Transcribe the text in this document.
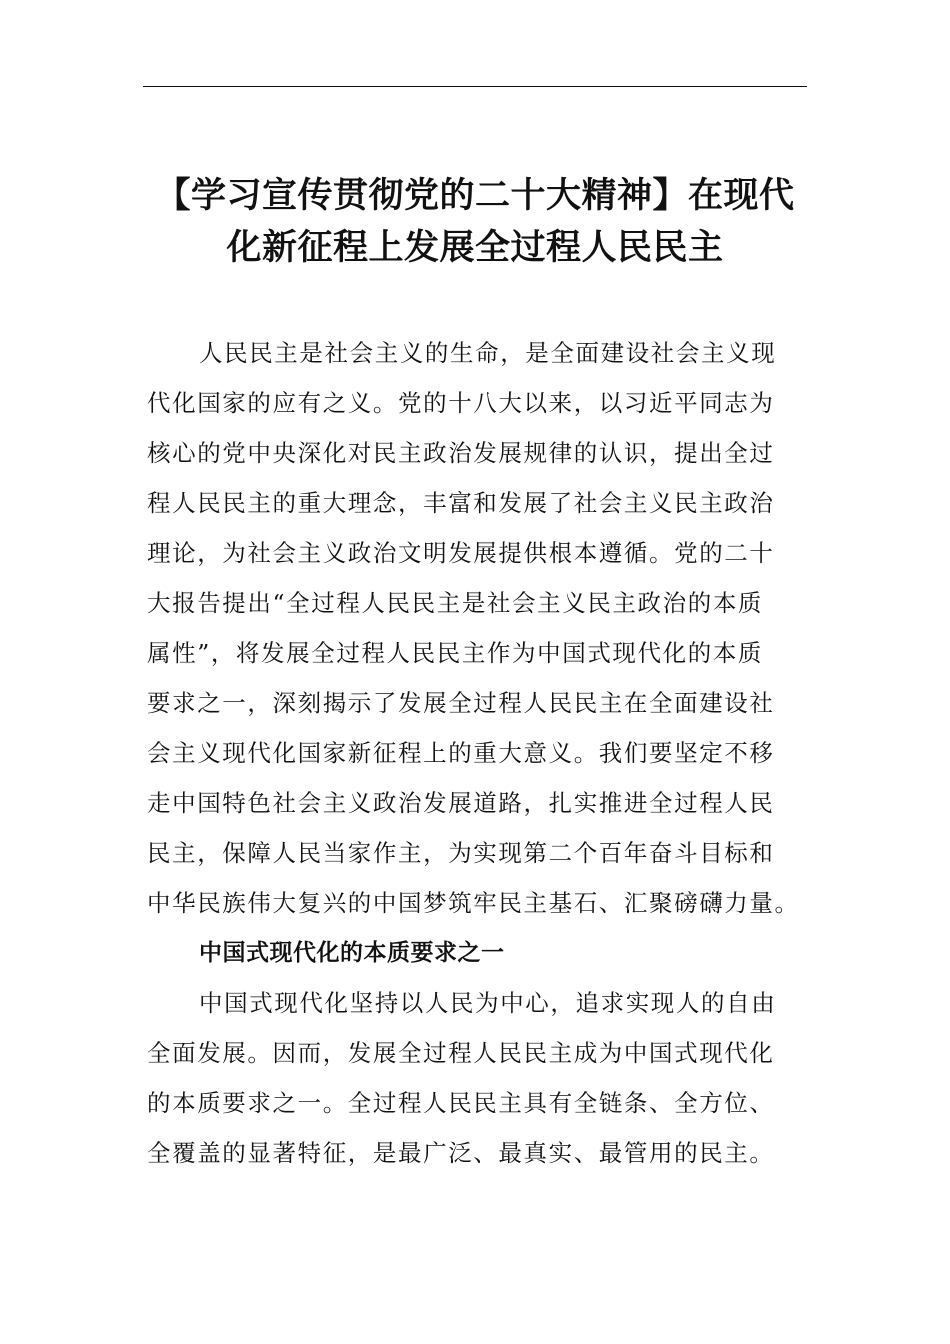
【学习宣传贯彻党的二十大精神】在现代
化新征程上发展全过程人民民主

人民民主是社会主义的生命，是全面建设社会主义现
代化国家的应有之义。党的十八大以来，以习近平同志为
核心的党中央深化对民主政治发展规律的认识，提出全过
程人民民主的重大理念，丰富和发展了社会主义民主政治
理论，为社会主义政治文明发展提供根本遵循。党的二十
大报告提出“全过程人民民主是社会主义民主政治的本质
属性”，将发展全过程人民民主作为中国式现代化的本质
要求之一，深刻揭示了发展全过程人民民主在全面建设社
会主义现代化国家新征程上的重大意义。我们要坚定不移
走中国特色社会主义政治发展道路，扎实推进全过程人民
民主，保障人民当家作主，为实现第二个百年奋斗目标和
中华民族伟大复兴的中国梦筑牢民主基石、汇聚磅礴力量。

中国式现代化的本质要求之一

中国式现代化坚持以人民为中心，追求实现人的自由
全面发展。因而，发展全过程人民民主成为中国式现代化
的本质要求之一。全过程人民民主具有全链条、全方位、
全覆盖的显著特征，是最广泛、最真实、最管用的民主。
